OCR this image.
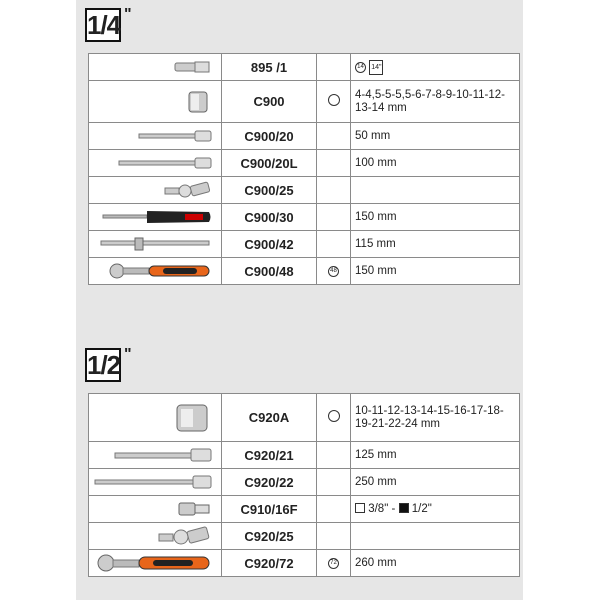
1/4 "
	895 /1		14 14"
	C900		4-4,5-5-5,5-6-7-8-9-10-11-12-13-14 mm
	C900/20		50 mm
	C900/20L		100 mm
	C900/25		
	C900/30		150 mm
	C900/42		115 mm
	C900/48	48	150 mm
1/2 "
	C920A		10-11-12-13-14-15-16-17-18-19-21-22-24 mm
	C920/21		125 mm
	C920/22		250 mm
	C910/16F		3/8" - 1/2"
	C920/25		
	C920/72	72	260 mm
